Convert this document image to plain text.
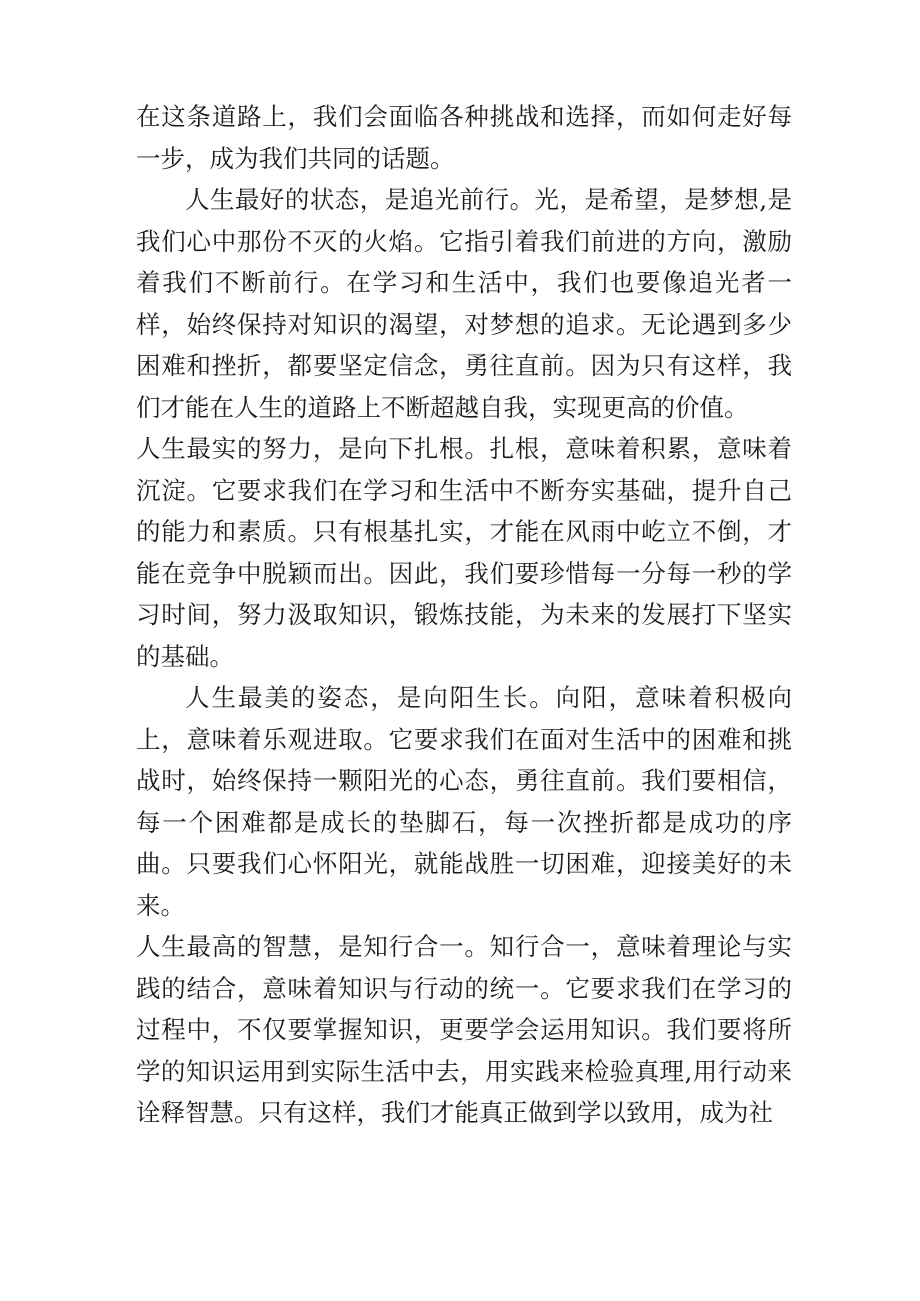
在这条道路上，我们会面临各种挑战和选择，而如何走好每一步，成为我们共同的话题。

人生最好的状态，是追光前行。光，是希望，是梦想,是我们心中那份不灭的火焰。它指引着我们前进的方向，激励着我们不断前行。在学习和生活中，我们也要像追光者一样，始终保持对知识的渴望，对梦想的追求。无论遇到多少困难和挫折，都要坚定信念，勇往直前。因为只有这样，我们才能在人生的道路上不断超越自我，实现更高的价值。

人生最实的努力，是向下扎根。扎根，意味着积累，意味着沉淀。它要求我们在学习和生活中不断夯实基础，提升自己的能力和素质。只有根基扎实，才能在风雨中屹立不倒，才能在竞争中脱颖而出。因此，我们要珍惜每一分每一秒的学习时间，努力汲取知识，锻炼技能，为未来的发展打下坚实的基础。

人生最美的姿态，是向阳生长。向阳，意味着积极向上，意味着乐观进取。它要求我们在面对生活中的困难和挑战时，始终保持一颗阳光的心态，勇往直前。我们要相信，每一个困难都是成长的垫脚石，每一次挫折都是成功的序曲。只要我们心怀阳光，就能战胜一切困难，迎接美好的未来。

人生最高的智慧，是知行合一。知行合一，意味着理论与实践的结合，意味着知识与行动的统一。它要求我们在学习的过程中，不仅要掌握知识，更要学会运用知识。我们要将所学的知识运用到实际生活中去，用实践来检验真理,用行动来诠释智慧。只有这样，我们才能真正做到学以致用，成为社
